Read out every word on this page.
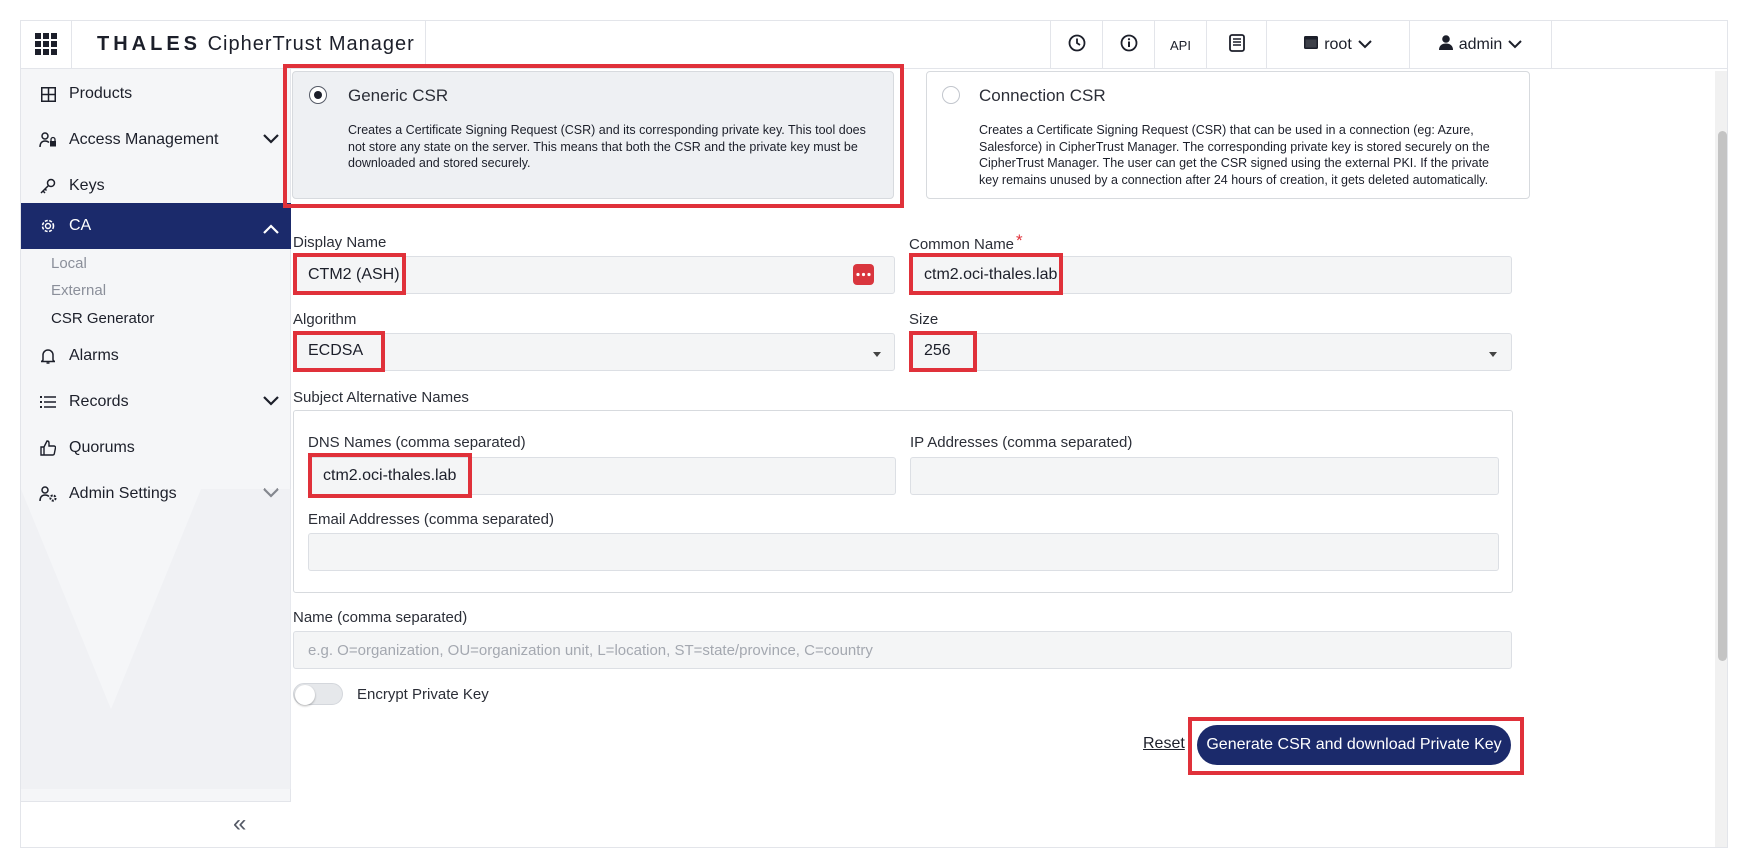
THALES CipherTrust Manager	API	root	admin
Products
Access Management
Keys
CA
Local
External
CSR Generator
Alarms
Records
Quorums
Admin Settings
«
Generic CSR
Creates a Certificate Signing Request (CSR) and its corresponding private key. This tool does not store any state on the server. This means that both the CSR and the private key must be downloaded and stored securely.
Connection CSR
Creates a Certificate Signing Request (CSR) that can be used in a connection (eg: Azure, Salesforce) in CipherTrust Manager. The corresponding private key is stored securely on the CipherTrust Manager. The user can get the CSR signed using the external PKI. If the private key remains unused by a connection after 24 hours of creation, it gets deleted automatically.
Display Name
CTM2 (ASH)
Common Name *
ctm2.oci-thales.lab
Algorithm
ECDSA
Size
256
Subject Alternative Names
DNS Names (comma separated)
ctm2.oci-thales.lab
IP Addresses (comma separated)
Email Addresses (comma separated)
Name (comma separated)
e.g. O=organization, OU=organization unit, L=location, ST=state/province, C=country
Encrypt Private Key
Reset	Generate CSR and download Private Key
